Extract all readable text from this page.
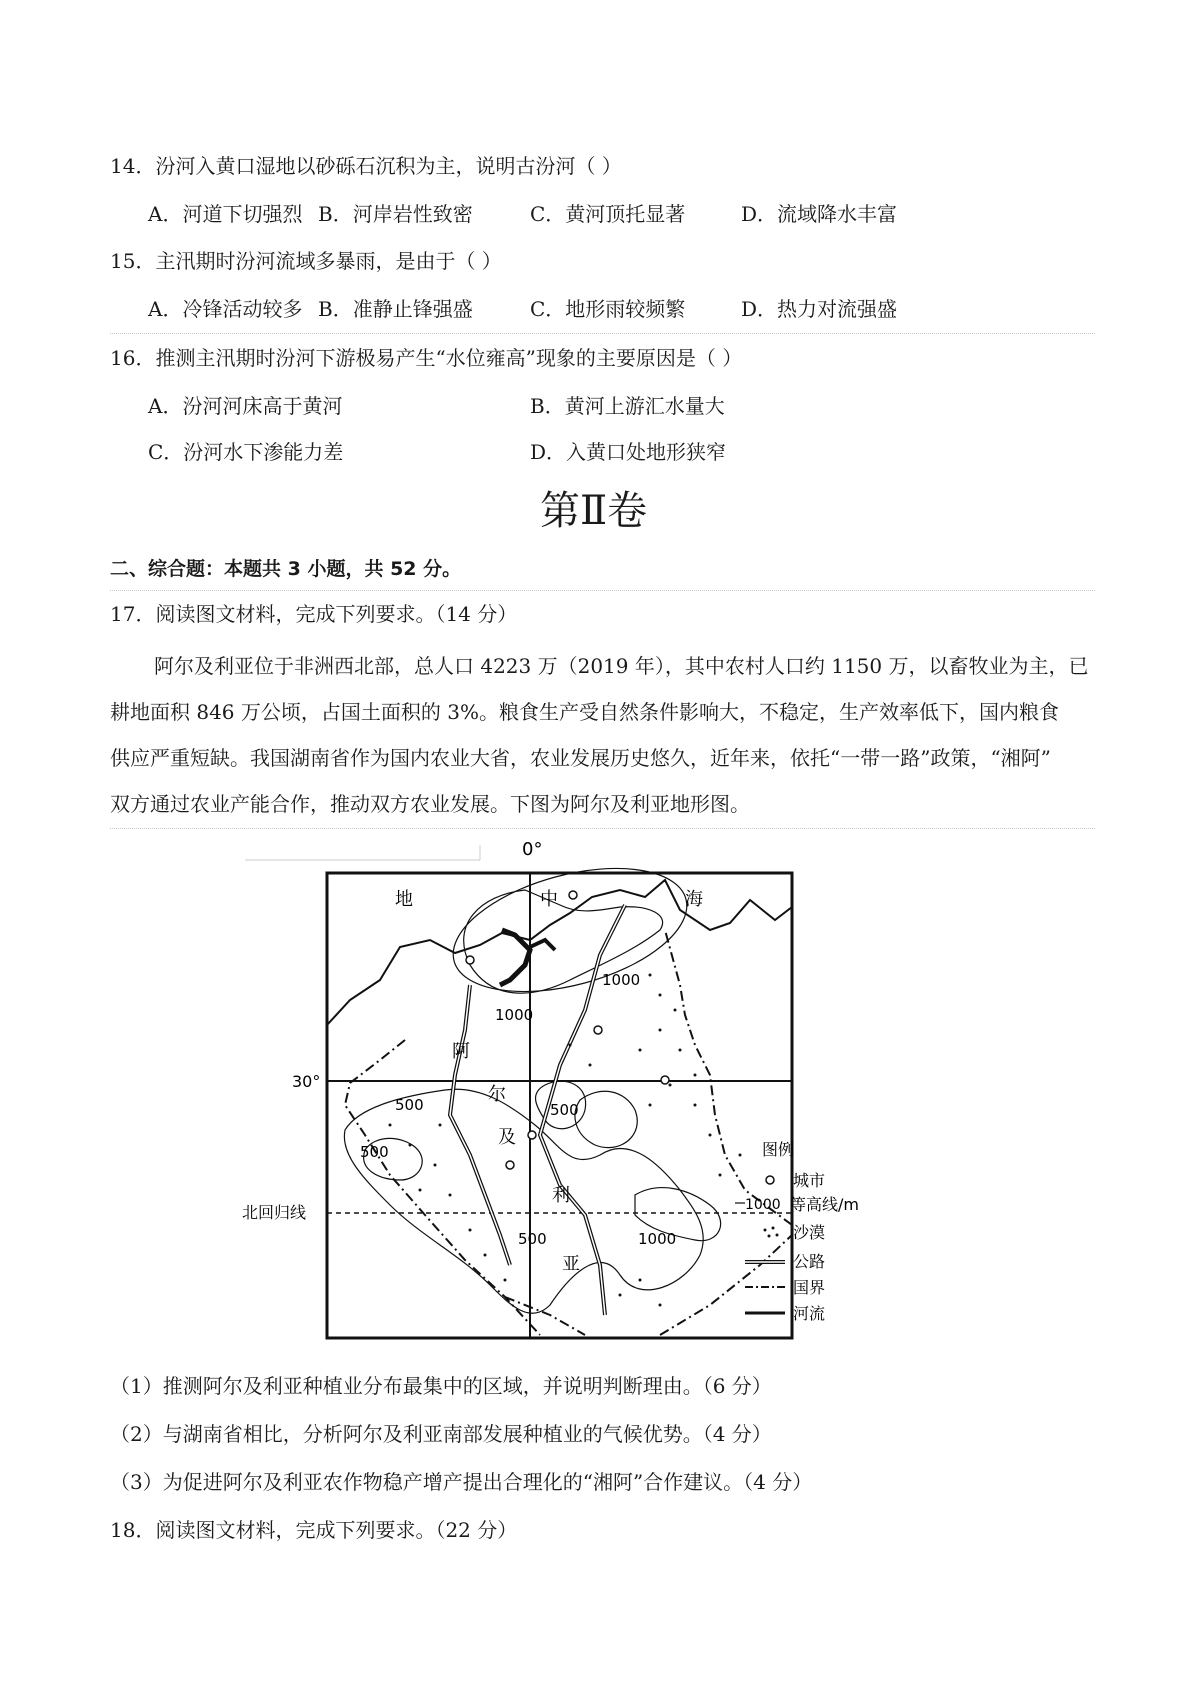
14．汾河入黄口湿地以砂砾石沉积为主，说明古汾河（ ）
A．河道下切强烈 B．河岸岩性致密	C．黄河顶托显著	D．流域降水丰富
15．主汛期时汾河流域多暴雨，是由于（ ）
A．冷锋活动较多 B．准静止锋强盛	C．地形雨较频繁	D．热力对流强盛
16．推测主汛期时汾河下游极易产生“水位雍高”现象的主要原因是（ ）
A．汾河河床高于黄河	B．黄河上游汇水量大
C．汾河水下渗能力差	D．入黄口处地形狭窄
第Ⅱ卷
二、综合题：本题共 3 小题，共 52 分。
17．阅读图文材料，完成下列要求。（14 分）
阿尔及利亚位于非洲西北部，总人口 4223 万（2019 年），其中农村人口约 1150 万，以畜牧业为主，已
耕地面积 846 万公顷，占国土面积的 3%。粮食生产受自然条件影响大，不稳定，生产效率低下，国内粮食
供应严重短缺。我国湖南省作为国内农业大省，农业发展历史悠久，近年来，依托“一带一路”政策，“湘阿”
双方通过农业产能合作，推动双方农业发展。下图为阿尔及利亚地形图。
0°
30°
北回归线
地	中	海
阿
尔
及
利
亚
1000
1000
500
500
500
500	1000
图例
城市
1000 等高线/m
沙漠
公路
国界
河流
（1）推测阿尔及利亚种植业分布最集中的区域，并说明判断理由。（6 分）
（2）与湖南省相比，分析阿尔及利亚南部发展种植业的气候优势。（4 分）
（3）为促进阿尔及利亚农作物稳产增产提出合理化的“湘阿”合作建议。（4 分）
18．阅读图文材料，完成下列要求。（22 分）
